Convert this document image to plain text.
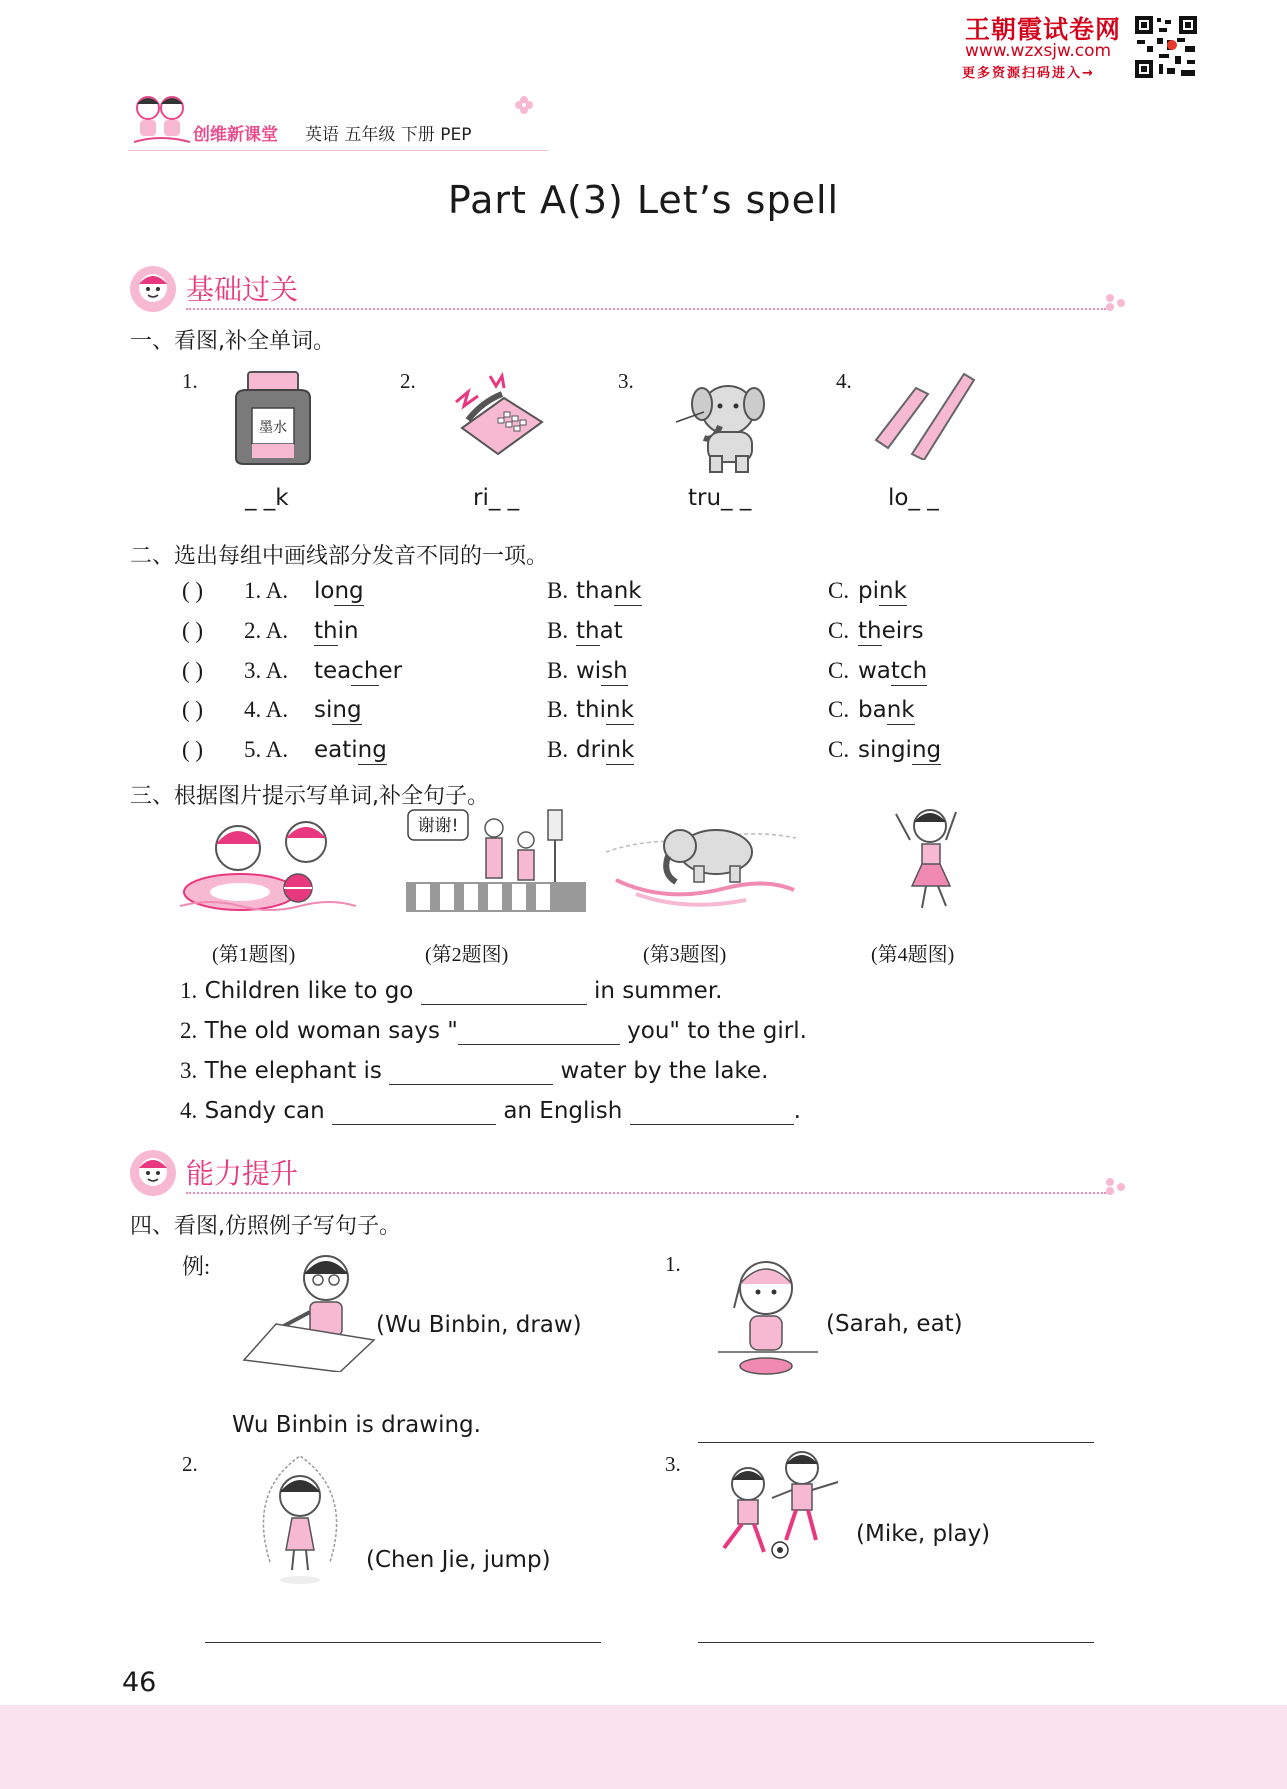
王朝霞试卷网
www.wzxsjw.com
更多资源扫码进入→
创维新课堂 英语 五年级 下册 PEP
Part A(3) Let’s spell
基础过关
一、看图,补全单词。
1.
墨水
_ _k
2.
ri_ _
3.
tru_ _
4.
lo_ _
二、选出每组中画线部分发音不同的一项。
( ) 1. A. long	B. thank	C. pink
( ) 2. A. thin	B. that	C. theirs
( ) 3. A. teacher	B. wish	C. watch
( ) 4. A. sing	B. think	C. bank
( ) 5. A. eating	B. drink	C. singing
三、根据图片提示写单词,补全句子。
谢谢!
(第1题图)	(第2题图)	(第3题图)	(第4题图)
1. Children like to go	in summer.
2. The old woman says "	you" to the girl.
3. The elephant is	water by the lake.
4. Sandy can	an English	.
能力提升
四、看图,仿照例子写句子。
例:
(Wu Binbin, draw)
Wu Binbin is drawing.
1.
(Sarah, eat)
2.
(Chen Jie, jump)
3.
(Mike, play)
46
